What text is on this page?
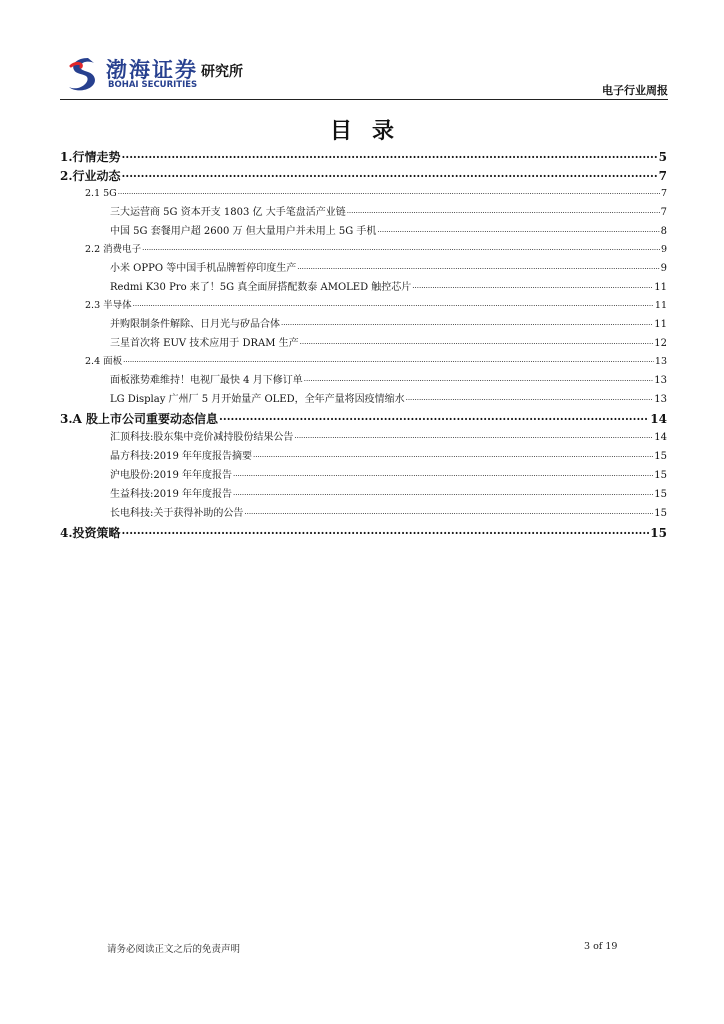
渤海证券
BOHAI SECURITIES
研究所
电子行业周报
目录
1.行情走势 .....	5
2.行业动态 .....	7
2.1 5G .....	7
三大运营商 5G 资本开支 1803 亿 大手笔盘活产业链 .....	7
中国 5G 套餐用户超 2600 万 但大量用户并未用上 5G 手机 .....	8
2.2 消费电子 .....	9
小米 OPPO 等中国手机品牌暂停印度生产 .....	9
Redmi K30 Pro 来了！5G 真全面屏搭配数泰 AMOLED 触控芯片 .....	11
2.3 半导体 .....	11
并购限制条件解除、日月光与矽品合体 .....	11
三星首次将 EUV 技术应用于 DRAM 生产 .....	12
2.4 面板 .....	13
面板涨势难维持！电视厂最快 4 月下修订单 .....	13
LG Display 广州厂 5 月开始量产 OLED，全年产量将因疫情缩水 .....	13
3.A 股上市公司重要动态信息 .....	14
汇顶科技:股东集中竞价减持股份结果公告 .....	14
晶方科技:2019 年年度报告摘要 .....	15
沪电股份:2019 年年度报告 .....	15
生益科技:2019 年年度报告 .....	15
长电科技:关于获得补助的公告 .....	15
4.投资策略 .....	15
请务必阅读正文之后的免责声明	3 of 19
